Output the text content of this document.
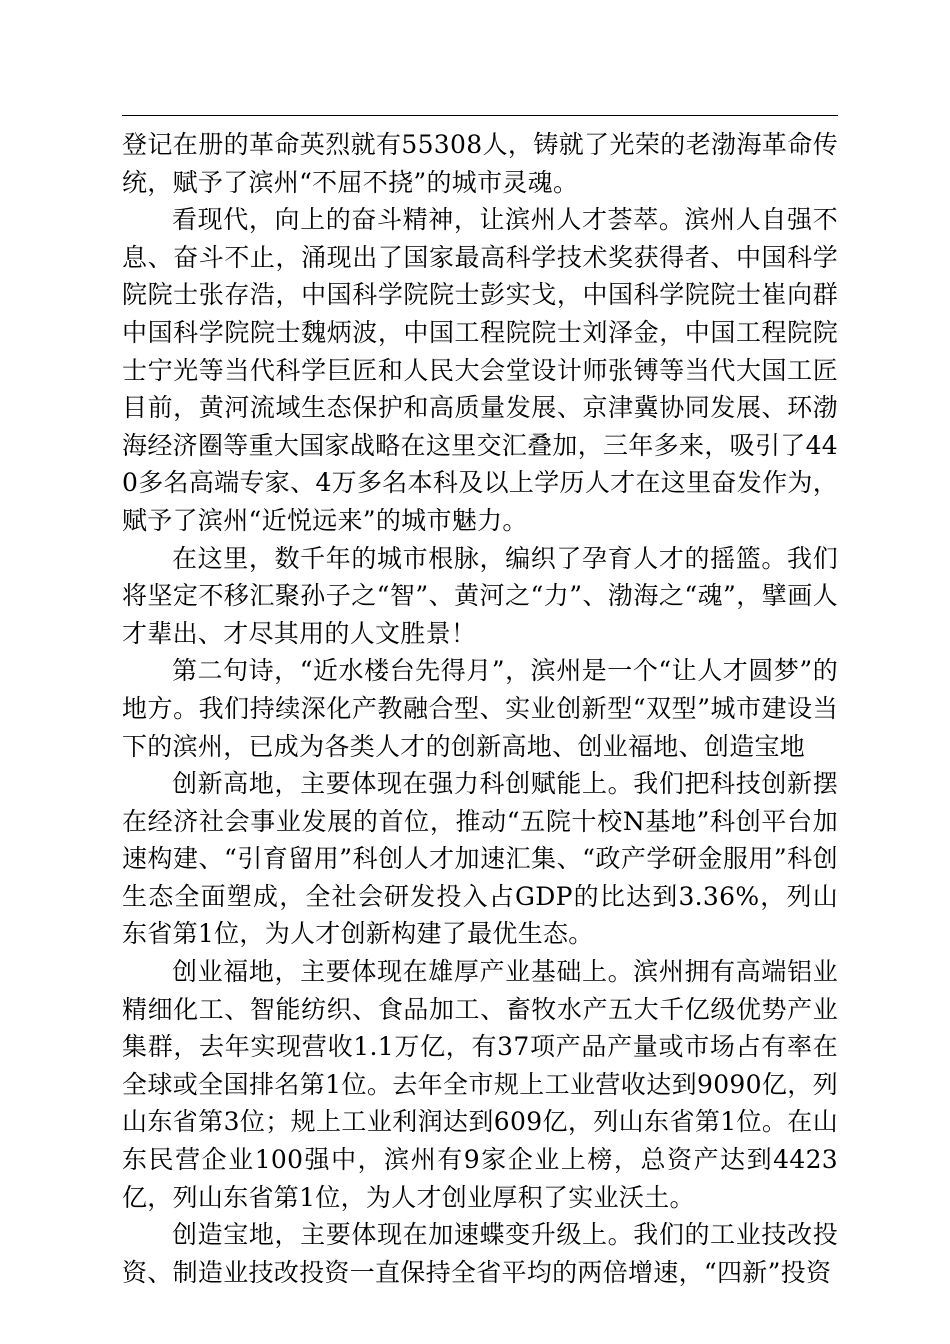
登记在册的革命英烈就有55308人，铸就了光荣的老渤海革命传统，赋予了滨州“不屈不挠”的城市灵魂。

看现代，向上的奋斗精神，让滨州人才荟萃。滨州人自强不息、奋斗不止，涌现出了国家最高科学技术奖获得者、中国科学院院士张存浩，中国科学院院士彭实戈，中国科学院院士崔向群中国科学院院士魏炳波，中国工程院院士刘泽金，中国工程院院士宁光等当代科学巨匠和人民大会堂设计师张镈等当代大国工匠目前，黄河流域生态保护和高质量发展、京津冀协同发展、环渤海经济圈等重大国家战略在这里交汇叠加，三年多来，吸引了440多名高端专家、4万多名本科及以上学历人才在这里奋发作为，赋予了滨州“近悦远来”的城市魅力。

在这里，数千年的城市根脉，编织了孕育人才的摇篮。我们将坚定不移汇聚孙子之“智”、黄河之“力”、渤海之“魂”，擘画人才辈出、才尽其用的人文胜景！

第二句诗，“近水楼台先得月”，滨州是一个“让人才圆梦”的地方。我们持续深化产教融合型、实业创新型“双型”城市建设当下的滨州，已成为各类人才的创新高地、创业福地、创造宝地

创新高地，主要体现在强力科创赋能上。我们把科技创新摆在经济社会事业发展的首位，推动“五院十校N基地”科创平台加速构建、“引育留用”科创人才加速汇集、“政产学研金服用”科创生态全面塑成，全社会研发投入占GDP的比达到3.36%，列山东省第1位，为人才创新构建了最优生态。

创业福地，主要体现在雄厚产业基础上。滨州拥有高端铝业精细化工、智能纺织、食品加工、畜牧水产五大千亿级优势产业集群，去年实现营收1.1万亿，有37项产品产量或市场占有率在全球或全国排名第1位。去年全市规上工业营收达到9090亿，列山东省第3位；规上工业利润达到609亿，列山东省第1位。在山东民营企业100强中，滨州有9家企业上榜，总资产达到4423亿，列山东省第1位，为人才创业厚积了实业沃土。

创造宝地，主要体现在加速蝶变升级上。我们的工业技改投资、制造业技改投资一直保持全省平均的两倍增速，“四新”投资
